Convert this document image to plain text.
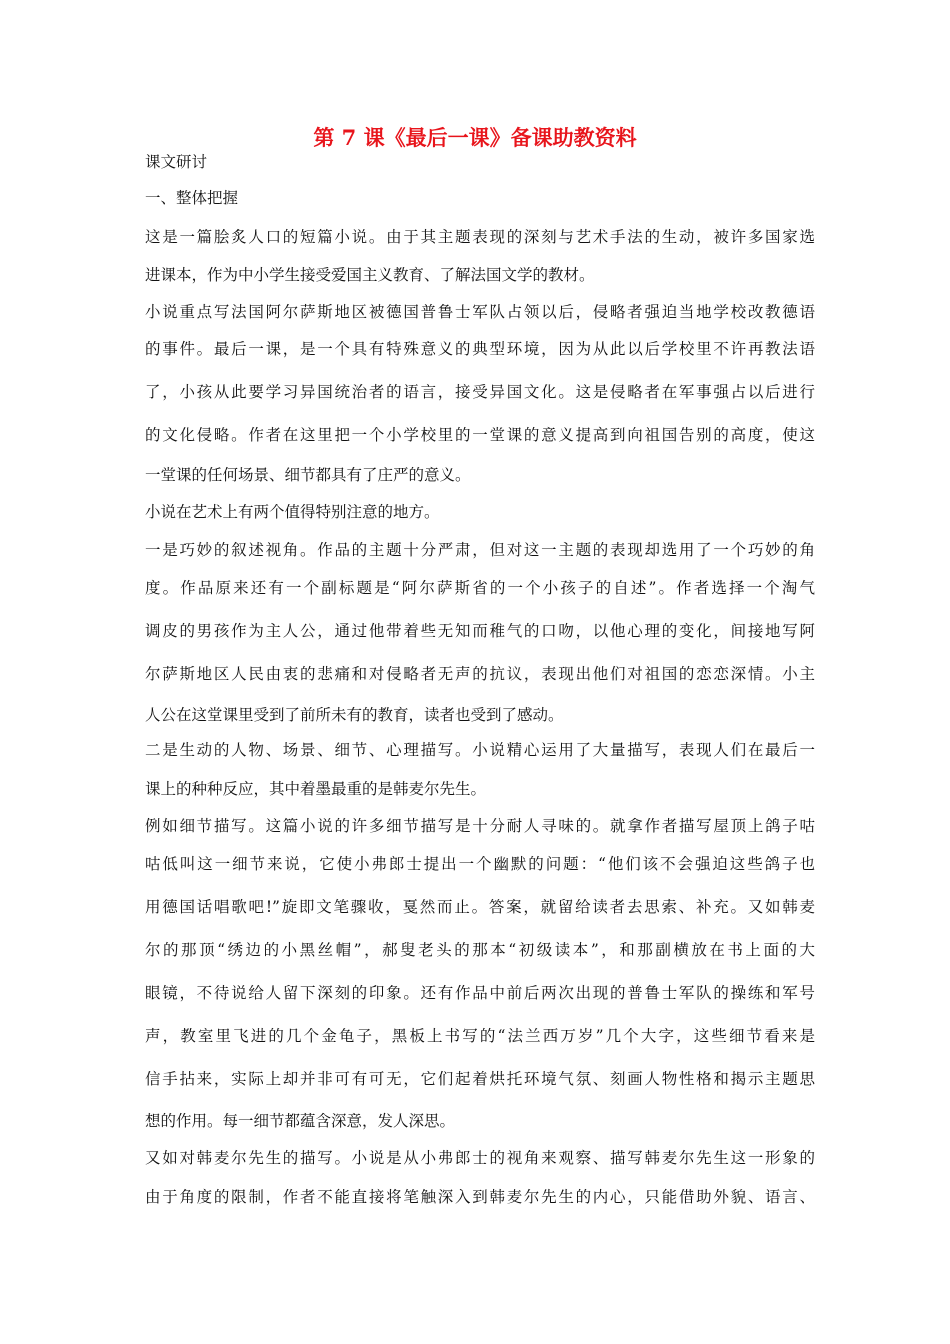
第 7 课《最后一课》备课助教资料
课文研讨
一、整体把握
这是一篇脍炙人口的短篇小说。由于其主题表现的深刻与艺术手法的生动，被许多国家选
进课本，作为中小学生接受爱国主义教育、了解法国文学的教材。
小说重点写法国阿尔萨斯地区被德国普鲁士军队占领以后，侵略者强迫当地学校改教德语
的事件。最后一课，是一个具有特殊意义的典型环境，因为从此以后学校里不许再教法语
了，小孩从此要学习异国统治者的语言，接受异国文化。这是侵略者在军事强占以后进行
的文化侵略。作者在这里把一个小学校里的一堂课的意义提高到向祖国告别的高度，使这
一堂课的任何场景、细节都具有了庄严的意义。
小说在艺术上有两个值得特别注意的地方。
一是巧妙的叙述视角。作品的主题十分严肃，但对这一主题的表现却选用了一个巧妙的角
度。作品原来还有一个副标题是“阿尔萨斯省的一个小孩子的自述”。作者选择一个淘气
调皮的男孩作为主人公，通过他带着些无知而稚气的口吻，以他心理的变化，间接地写阿
尔萨斯地区人民由衷的悲痛和对侵略者无声的抗议，表现出他们对祖国的恋恋深情。小主
人公在这堂课里受到了前所未有的教育，读者也受到了感动。
二是生动的人物、场景、细节、心理描写。小说精心运用了大量描写，表现人们在最后一
课上的种种反应，其中着墨最重的是韩麦尔先生。
例如细节描写。这篇小说的许多细节描写是十分耐人寻味的。就拿作者描写屋顶上鸽子咕
咕低叫这一细节来说，它使小弗郎士提出一个幽默的问题：“他们该不会强迫这些鸽子也
用德国话唱歌吧!”旋即文笔骤收，戛然而止。答案，就留给读者去思索、补充。又如韩麦
尔的那顶“绣边的小黑丝帽”，郝叟老头的那本“初级读本”，和那副横放在书上面的大
眼镜，不待说给人留下深刻的印象。还有作品中前后两次出现的普鲁士军队的操练和军号
声，教室里飞进的几个金龟子，黑板上书写的“法兰西万岁”几个大字，这些细节看来是
信手拈来，实际上却并非可有可无，它们起着烘托环境气氛、刻画人物性格和揭示主题思
想的作用。每一细节都蕴含深意，发人深思。
又如对韩麦尔先生的描写。小说是从小弗郎士的视角来观察、描写韩麦尔先生这一形象的
由于角度的限制，作者不能直接将笔触深入到韩麦尔先生的内心，只能借助外貌、语言、
